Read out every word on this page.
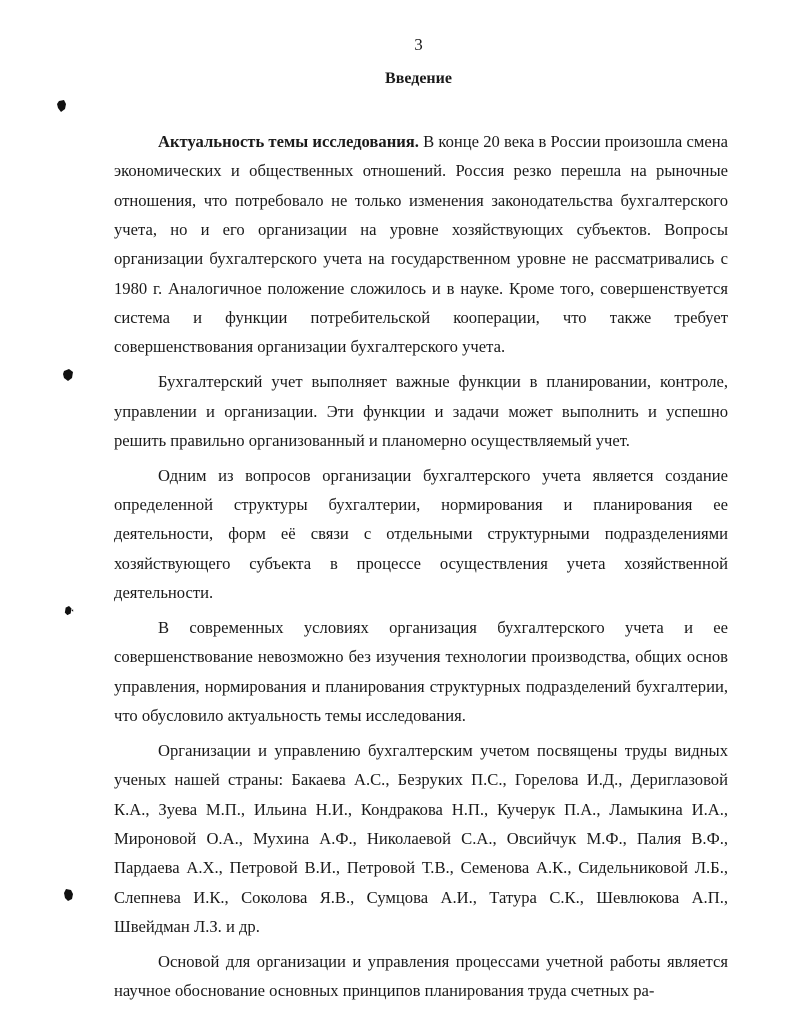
3
Введение

Актуальность темы исследования. В конце 20 века в России произошла смена экономических и общественных отношений. Россия резко перешла на рыночные отношения, что потребовало не только изменения законодательства бухгалтерского учета, но и его организации на уровне хозяйствующих субъектов. Вопросы организации бухгалтерского учета на государственном уровне не рассматривались с 1980 г. Аналогичное положение сложилось и в науке. Кроме того, совершенствуется система и функции потребительской кооперации, что также требует совершенствования организации бухгалтерского учета.

Бухгалтерский учет выполняет важные функции в планировании, контроле, управлении и организации. Эти функции и задачи может выполнить и успешно решить правильно организованный и планомерно осуществляемый учет.

Одним из вопросов организации бухгалтерского учета является создание определенной структуры бухгалтерии, нормирования и планирования ее деятельности, форм её связи с отдельными структурными подразделениями хозяйствующего субъекта в процессе осуществления учета хозяйственной деятельности.

В современных условиях организация бухгалтерского учета и ее совершенствование невозможно без изучения технологии производства, общих основ управления, нормирования и планирования структурных подразделений бухгалтерии, что обусловило актуальность темы исследования.

Организации и управлению бухгалтерским учетом посвящены труды видных ученых нашей страны: Бакаева А.С., Безруких П.С., Горелова И.Д., Дериглазовой К.А., Зуева М.П., Ильина Н.И., Кондракова Н.П., Кучерук П.А., Ламыкина И.А., Мироновой О.А., Мухина А.Ф., Николаевой С.А., Овсийчук М.Ф., Палия В.Ф., Пардаева А.Х., Петровой В.И., Петровой Т.В., Семенова А.К., Сидельниковой Л.Б., Слепнева И.К., Соколова Я.В., Сумцова А.И., Татура С.К., Шевлюкова А.П., Швейдман Л.З. и др.

Основой для организации и управления процессами учетной работы является научное обоснование основных принципов планирования труда счетных ра-
